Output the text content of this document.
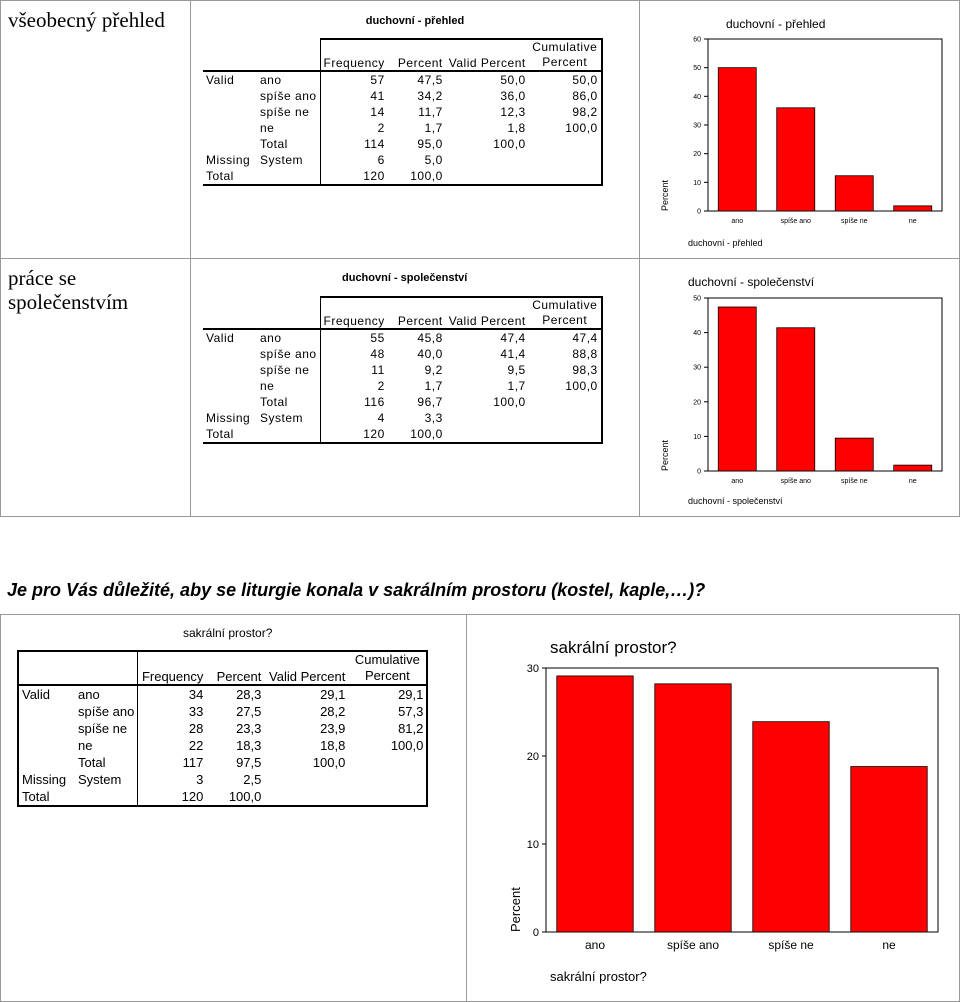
všeobecný přehled	duchovní - přehled
		Frequency	Percent	Valid Percent	Cumulative
Percent
Valid	ano	57	47,5	50,0	50,0
	spíše ano	41	34,2	36,0	86,0
	spíše ne	14	11,7	12,3	98,2
	ne	2	1,7	1,8	100,0
	Total	114	95,0	100,0	
Missing	System	6	5,0		
Total		120	100,0		
duchovní - přehled
0
10
20
30
40
50
60
ano	spíše ano	spíše ne	ne
Percent
duchovní - přehled
práce se společenstvím
duchovní - společenství
		Frequency	Percent	Valid Percent	Cumulative
Percent
Valid	ano	55	45,8	47,4	47,4
	spíše ano	48	40,0	41,4	88,8
	spíše ne	11	9,2	9,5	98,3
	ne	2	1,7	1,7	100,0
	Total	116	96,7	100,0	
Missing	System	4	3,3		
Total		120	100,0		
duchovní - společenství
0
10
20
30
40
50
ano	spíše ano	spíše ne	ne
Percent
duchovní - společenství
Je pro Vás důležité, aby se liturgie konala v sakrálním prostoru (kostel, kaple,…)?
sakrální prostor?
		Frequency	Percent	Valid Percent	Cumulative
Percent
Valid	ano	34	28,3	29,1	29,1
	spíše ano	33	27,5	28,2	57,3
	spíše ne	28	23,3	23,9	81,2
	ne	22	18,3	18,8	100,0
	Total	117	97,5	100,0	
Missing	System	3	2,5		
Total		120	100,0		
sakrální prostor?
0
10
20
30
ano	spíše ano	spíše ne	ne
Percent
sakrální prostor?
